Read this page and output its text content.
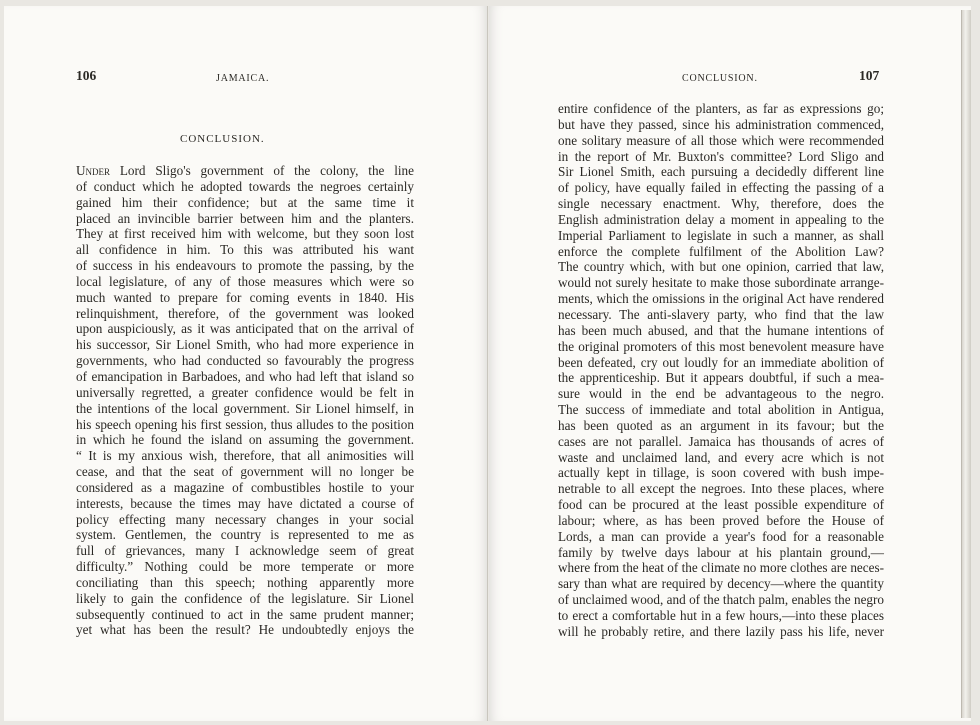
106	JAMAICA.
CONCLUSION.
Under Lord Sligo's government of the colony, the line
of conduct which he adopted towards the negroes certainly
gained him their confidence; but at the same time it
placed an invincible barrier between him and the planters.
They at first received him with welcome, but they soon lost
all confidence in him. To this was attributed his want
of success in his endeavours to promote the passing, by the
local legislature, of any of those measures which were so
much wanted to prepare for coming events in 1840. His
relinquishment, therefore, of the government was looked
upon auspiciously, as it was anticipated that on the arrival of
his successor, Sir Lionel Smith, who had more experience in
governments, who had conducted so favourably the progress
of emancipation in Barbadoes, and who had left that island so
universally regretted, a greater confidence would be felt in
the intentions of the local government. Sir Lionel himself, in
his speech opening his first session, thus alludes to the position
in which he found the island on assuming the government.
“ It is my anxious wish, therefore, that all animosities will
cease, and that the seat of government will no longer be
considered as a magazine of combustibles hostile to your
interests, because the times may have dictated a course of
policy effecting many necessary changes in your social
system. Gentlemen, the country is represented to me as
full of grievances, many I acknowledge seem of great
difficulty.” Nothing could be more temperate or more
conciliating than this speech; nothing apparently more
likely to gain the confidence of the legislature. Sir Lionel
subsequently continued to act in the same prudent manner;
yet what has been the result? He undoubtedly enjoys the
CONCLUSION.	107
entire confidence of the planters, as far as expressions go;
but have they passed, since his administration commenced,
one solitary measure of all those which were recommended
in the report of Mr. Buxton's committee? Lord Sligo and
Sir Lionel Smith, each pursuing a decidedly different line
of policy, have equally failed in effecting the passing of a
single necessary enactment. Why, therefore, does the
English administration delay a moment in appealing to the
Imperial Parliament to legislate in such a manner, as shall
enforce the complete fulfilment of the Abolition Law?
The country which, with but one opinion, carried that law,
would not surely hesitate to make those subordinate arrange-
ments, which the omissions in the original Act have rendered
necessary. The anti-slavery party, who find that the law
has been much abused, and that the humane intentions of
the original promoters of this most benevolent measure have
been defeated, cry out loudly for an immediate abolition of
the apprenticeship. But it appears doubtful, if such a mea-
sure would in the end be advantageous to the negro.
The success of immediate and total abolition in Antigua,
has been quoted as an argument in its favour; but the
cases are not parallel. Jamaica has thousands of acres of
waste and unclaimed land, and every acre which is not
actually kept in tillage, is soon covered with bush impe-
netrable to all except the negroes. Into these places, where
food can be procured at the least possible expenditure of
labour; where, as has been proved before the House of
Lords, a man can provide a year's food for a reasonable
family by twelve days labour at his plantain ground,—
where from the heat of the climate no more clothes are neces-
sary than what are required by decency—where the quantity
of unclaimed wood, and of the thatch palm, enables the negro
to erect a comfortable hut in a few hours,—into these places
will he probably retire, and there lazily pass his life, never
